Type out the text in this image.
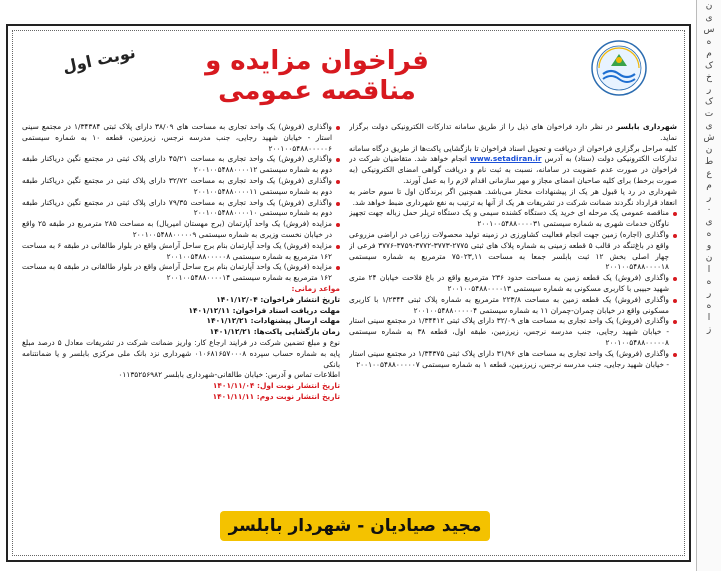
نوبت اول	فراخوان مزایده و مناقصه عمومی
شهرداری بابلسر در نظر دارد فراخوان های ذیل را از طریق سامانه تدارکات الکترونیکی دولت برگزار نماید.
کلیه مراحل برگزاری فراخوان از دریافت و تحویل اسناد فراخوان تا بازگشایی پاکت‌ها از طریق درگاه سامانه تدارکات الکترونیکی دولت (ستاد) به آدرس www.setadiran.ir انجام خواهد شد. متقاضیان شرکت در فراخوان در صورت عدم عضویت در سامانه، نسبت به ثبت نام و دریافت گواهی امضای الکترونیکی (به صورت برخط) برای کلیه صاحبان امضای مجاز و مهر سازمانی اقدام لازم را به عمل آورند.
شهرداری در رد یا قبول هر یک از پیشنهادات مختار می‌باشد. همچنین اگر برندگان اول تا سوم حاضر به انعقاد قرارداد نگردند ضمانت شرکت در تشریفات هر یک از آنها به ترتیب به نفع شهرداری ضبط خواهد شد.
مناقصه عمومی یک مرحله ای خرید یک دستگاه کشنده سیمی و یک دستگاه تریلر حمل زباله جهت تجهیز ناوگان خدمات شهری به شماره سیستمی ۲۰۰۱۰۰۵۴۸۸۰۰۰۰۳۱
واگذاری (اجاره) زمین جهت انجام فعالیت کشاورزی در زمینه تولید محصولات زراعی در اراضی مزروعی واقع در باغ‌تنگه در قالب ۵ قطعه زمینی به شماره پلاک های ثبتی ۲۷۷۵-۳۷۷۳-۳۷۷۲-۳۷۵۹-۳۷۷۶ فرعی از چهار اصلی بخش ۱۲ ثبت بابلسر جمعا به مساحت ۷۵۰۲۳,۱۱ مترمربع به شماره سیستمی ۲۰۰۱۰۰۵۴۸۸۰۰۰۰۱۸
واگذاری (فروش) یک قطعه زمین به مساحت حدود ۲۳۶ مترمربع واقع در باغ فلاحت خیابان ۲۴ متری شهید حبیبی با کاربری مسکونی به شماره سیستمی ۲۰۰۱۰۰۵۴۸۸۰۰۰۰۱۳
واگذاری (فروش) یک قطعه زمین به مساحت ۲۲۳/۸ مترمربع به شماره پلاک ثبتی ۱/۲۳۴۴ با کاربری مسکونی واقع در خیابان چمران-چمران ۱۱ به شماره سیستمی ۲۰۰۱۰۰۵۴۸۸۰۰۰۰۰۴
واگذاری (فروش) یک واحد تجاری به مساحت های ۳۲/۰۹ دارای پلاک ثبتی ۱/۳۴۴۱۲ در مجتمع سینی استار - خیابان شهید رجایی، جنب مدرسه نرجس، زیرزمین، طبقه اول، قطعه ۳۸ به شماره سیستمی ۲۰۰۱۰۰۵۴۸۸۰۰۰۰۰۸
واگذاری (فروش) یک واحد تجاری به مساحت های ۳۱/۹۶ دارای پلاک ثبتی ۱/۳۴۳۷۵ در مجتمع سینی استار - خیابان شهید رجایی، جنب مدرسه نرجس، زیرزمین، قطعه ۱ به شماره سیستمی ۲۰۰۱۰۰۵۴۸۸۰۰۰۰۰۷
واگذاری (فروش) یک واحد تجاری به مساحت های ۳۸/۰۹ دارای پلاک ثبتی ۱/۳۴۳۸۴ در مجتمع سینی استار - خیابان شهید رجایی، جنب مدرسه نرجس، زیرزمین، قطعه ۱۰ به شماره سیستمی ۲۰۰۱۰۰۵۴۸۸۰۰۰۰۰۶
واگذاری (فروش) یک واحد تجاری به مساحت ۴۵/۲۱ دارای پلاک ثبتی در مجتمع نگین دریاکنار طبقه دوم به شماره سیستمی ۲۰۰۱۰۰۵۴۸۸۰۰۰۰۱۲
واگذاری (فروش) یک واحد تجاری به مساحت ۳۲/۷۲ دارای پلاک ثبتی در مجتمع نگین دریاکنار طبقه دوم به شماره سیستمی ۲۰۰۱۰۰۵۴۸۸۰۰۰۰۱۱
واگذاری (فروش) یک واحد تجاری به مساحت ۷۹/۳۵ دارای پلاک ثبتی در مجتمع نگین دریاکنار طبقه دوم به شماره سیستمی ۲۰۰۱۰۰۵۴۸۸۰۰۰۰۱۰
مزایده (فروش) یک واحد آپارتمان (برج مهستان امیریال) به مساحت ۲۸۵ مترمربع در طبقه ۲۵ واقع در خیابان نخست وزیری به شماره سیستمی ۲۰۰۱۰۰۵۴۸۸۰۰۰۰۰۹
مزایده (فروش) یک واحد آپارتمان بنام برج ساحل آرامش واقع در بلوار طالقانی در طبقه ۶ به مساحت ۱۶۲ مترمربع به شماره سیستمی ۲۰۰۱۰۰۵۴۸۸۰۰۰۰۰۸
مزایده (فروش) یک واحد آپارتمان بنام برج ساحل آرامش واقع در بلوار طالقانی در طبقه ۵ به مساحت ۱۶۲ مترمربع به شماره سیستمی ۲۰۰۱۰۰۵۴۸۸۰۰۰۰۱۴
مواعد زمانی:
تاریخ انتشار فراخوان: ۱۴۰۱/۱۲/۰۴
مهلت دریافت اسناد فراخوان: ۱۴۰۱/۱۲/۱۱
مهلت ارسال پیشنهادات: ۱۴۰۱/۱۲/۲۱
زمان بازگشایی پاکت‌ها: ۱۴۰۱/۱۲/۲۱
نوع و مبلغ تضمین شرکت در فرایند ارجاع کار: واریز ضمانت شرکت در تشریفات معادل ۵ درصد مبلغ پایه به شماره حساب سپرده ۰۱۰۶۸۱۶۵۷۰۰۰۸ شهرداری نزد بانک ملی مرکزی بابلسر و یا ضمانتنامه بانکی
اطلاعات تماس و آدرس: خیابان طالقانی-شهرداری بابلسر ۰۱۱۳۵۲۵۶۹۸۲
تاریخ انتشار نوبت اول: ۱۴۰۱/۱۱/۰۴
تاریخ انتشار نوبت دوم: ۱۴۰۱/۱۱/۱۱
مجید صیادیان - شهردار بابلسر
ن
ی
س
ه
م
ک
خ
ر
ک
ت
ی
ش
ن
ط
ع
م
ر
۰
ی
ه
و
ن
ا
ه
ر
ه
ا
ز
